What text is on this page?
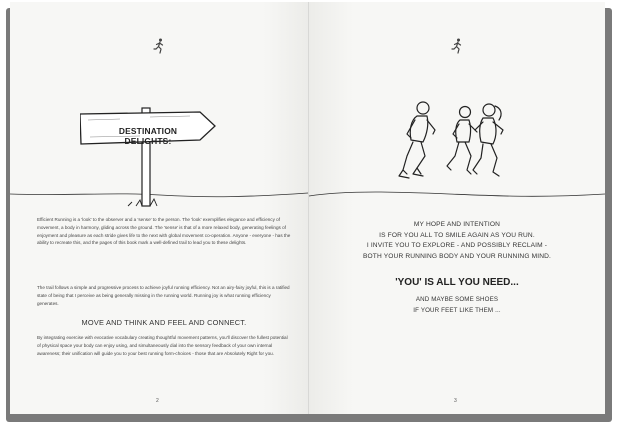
DESTINATION
DELIGHTS:
Efficient Running is a 'look' to the observer and a 'sense' to the person. The 'look' exemplifies elegance and efficiency of movement, a body in harmony, gliding across the ground. The 'sense' is that of a more relaxed body, generating feelings of enjoyment and pleasure as each stride gives life to the next with global movement co-operation. Anyone - everyone - has the ability to recreate this, and the pages of this book mark a well-defined trail to lead you to these delights.
The trail follows a simple and progressive process to achieve joyful running efficiency. Not an airy-fairy joyful, this is a ratified state of being that I perceive as being generally missing in the running world. Running joy is what running efficiency generates.
MOVE AND THINK AND FEEL AND CONNECT.
By integrating exercise with evocative vocabulary creating thoughtful movement patterns, you'll discover the fullest potential of physical space your body can enjoy using, and simultaneously dial into the sensory feedback of your own internal awareness; their unification will guide you to your best running form-choices - those that are Absolutely Right for you.
2
MY HOPE AND INTENTION
IS FOR YOU ALL TO SMILE AGAIN AS YOU RUN.
I INVITE YOU TO EXPLORE - AND POSSIBLY RECLAIM -
BOTH YOUR RUNNING BODY AND YOUR RUNNING MIND.
'YOU' IS ALL YOU NEED...
AND MAYBE SOME SHOES
IF YOUR FEET LIKE THEM ...
3
